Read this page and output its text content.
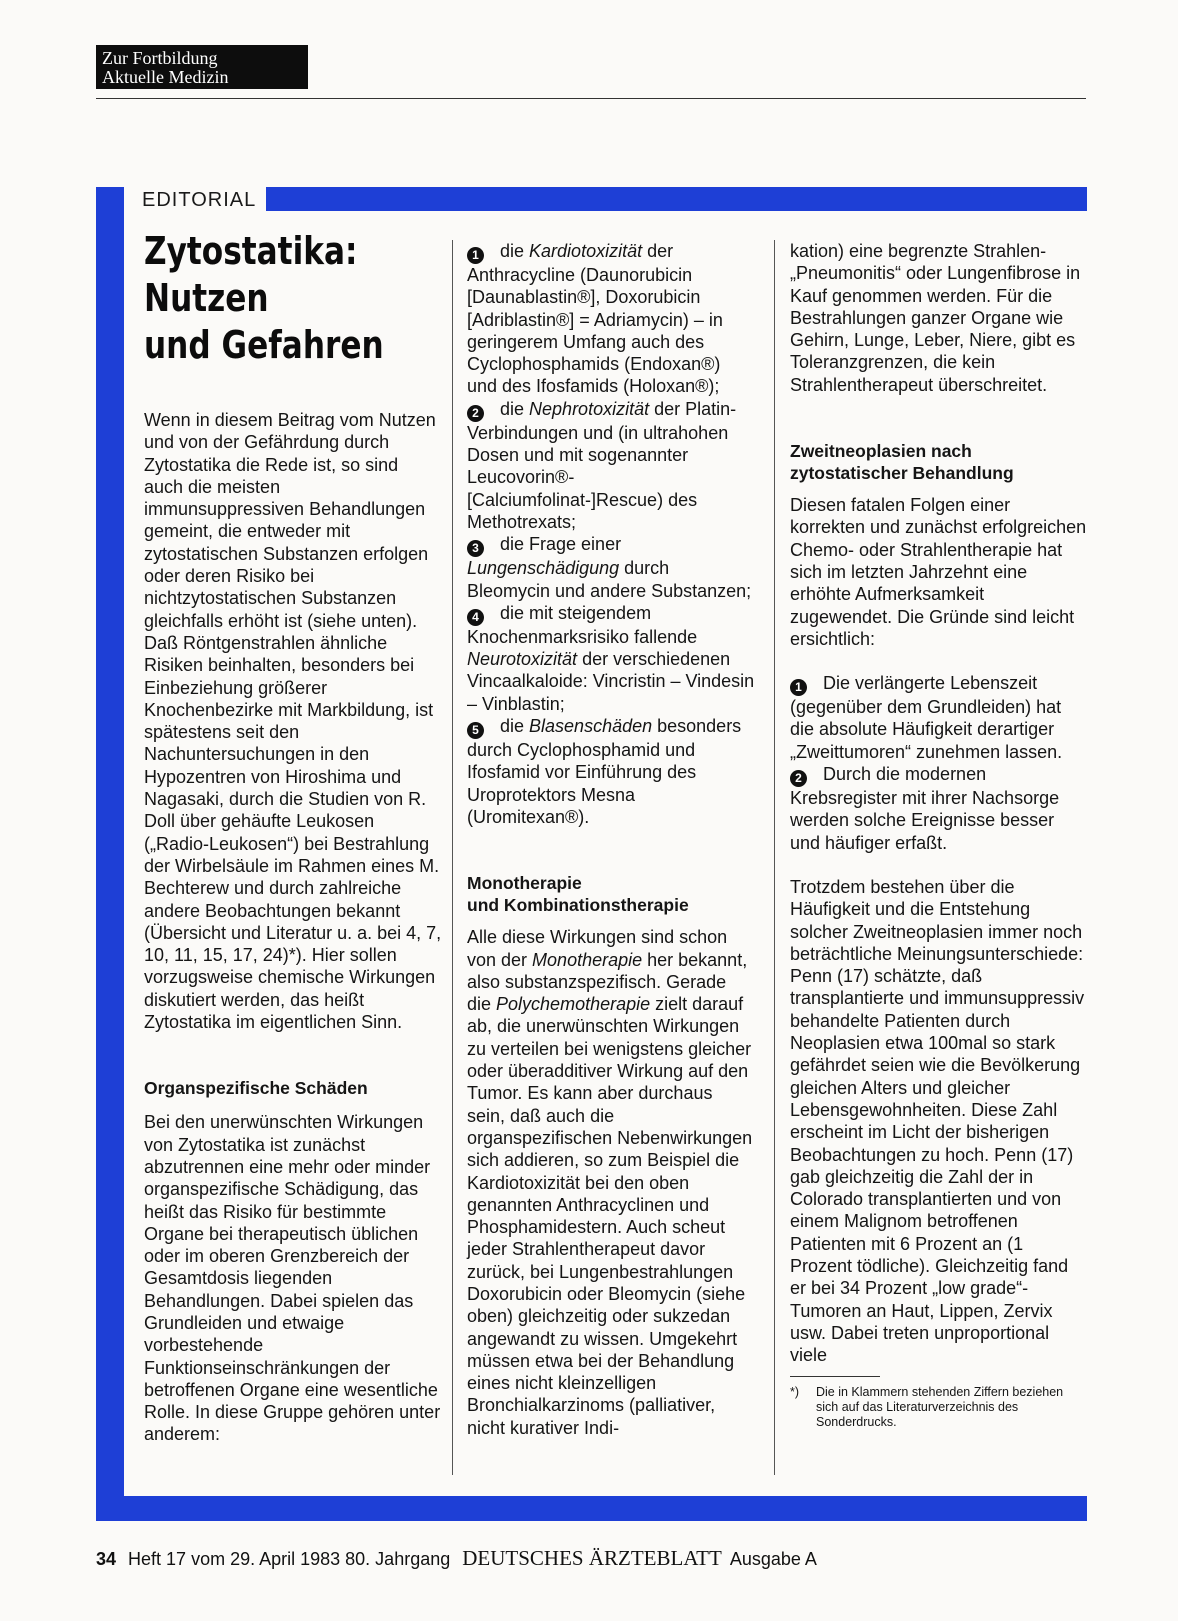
Zur Fortbildung
Aktuelle Medizin
EDITORIAL
Zytostatika:
Nutzen
und Gefahren

Wenn in diesem Beitrag vom Nutzen und von der Gefährdung durch Zytostatika die Rede ist, so sind auch die meisten immunsuppressiven Behandlungen gemeint, die entweder mit zytostatischen Substanzen erfolgen oder deren Risiko bei nichtzytostatischen Substanzen gleichfalls erhöht ist (siehe unten). Daß Röntgenstrahlen ähnliche Risiken beinhalten, besonders bei Einbeziehung größerer Knochenbezirke mit Markbildung, ist spätestens seit den Nachuntersuchungen in den Hypozentren von Hiroshima und Nagasaki, durch die Studien von R. Doll über gehäufte Leukosen („Radio-Leukosen“) bei Bestrahlung der Wirbelsäule im Rahmen eines M. Bechterew und durch zahlreiche andere Beobachtungen bekannt (Übersicht und Literatur u. a. bei 4, 7, 10, 11, 15, 17, 24)*). Hier sollen vorzugsweise chemische Wirkungen diskutiert werden, das heißt Zytostatika im eigentlichen Sinn.

Organspezifische Schäden

Bei den unerwünschten Wirkungen von Zytostatika ist zunächst abzutrennen eine mehr oder minder organspezifische Schädigung, das heißt das Risiko für bestimmte Organe bei therapeutisch üblichen oder im oberen Grenzbereich der Gesamtdosis liegenden Behandlungen. Dabei spielen das Grundleiden und etwaige vorbestehende Funktionseinschränkungen der betroffenen Organe eine wesentliche Rolle. In diese Gruppe gehören unter anderem:

1 die Kardiotoxizität der Anthracycline (Daunorubicin [Daunablastin®], Doxorubicin [Adriblastin®] = Adriamycin) – in geringerem Umfang auch des Cyclophosphamids (Endoxan®) und des Ifosfamids (Holoxan®);

2 die Nephrotoxizität der Platin-Verbindungen und (in ultrahohen Dosen und mit sogenannter Leucovorin®-[Calciumfolinat-]Rescue) des Methotrexats;

3 die Frage einer Lungenschädigung durch Bleomycin und andere Substanzen;

4 die mit steigendem Knochenmarksrisiko fallende Neurotoxizität der verschiedenen Vincaalkaloide: Vincristin – Vindesin – Vinblastin;

5 die Blasenschäden besonders durch Cyclophosphamid und Ifosfamid vor Einführung des Uroprotektors Mesna (Uromitexan®).

Monotherapie
und Kombinationstherapie

Alle diese Wirkungen sind schon von der Monotherapie her bekannt, also substanzspezifisch. Gerade die Polychemotherapie zielt darauf ab, die unerwünschten Wirkungen zu verteilen bei wenigstens gleicher oder überadditiver Wirkung auf den Tumor. Es kann aber durchaus sein, daß auch die organspezifischen Nebenwirkungen sich addieren, so zum Beispiel die Kardiotoxizität bei den oben genannten Anthracyclinen und Phosphamidestern. Auch scheut jeder Strahlentherapeut davor zurück, bei Lungenbestrahlungen Doxorubicin oder Bleomycin (siehe oben) gleichzeitig oder sukzedan angewandt zu wissen. Umgekehrt müssen etwa bei der Behandlung eines nicht kleinzelligen Bronchialkarzinoms (palliativer, nicht kurativer Indi-

kation) eine begrenzte Strahlen-„Pneumonitis“ oder Lungenfibrose in Kauf genommen werden. Für die Bestrahlungen ganzer Organe wie Gehirn, Lunge, Leber, Niere, gibt es Toleranzgrenzen, die kein Strahlentherapeut überschreitet.

Zweitneoplasien nach
zytostatischer Behandlung

Diesen fatalen Folgen einer korrekten und zunächst erfolgreichen Chemo- oder Strahlentherapie hat sich im letzten Jahrzehnt eine erhöhte Aufmerksamkeit zugewendet. Die Gründe sind leicht ersichtlich:

1 Die verlängerte Lebenszeit (gegenüber dem Grundleiden) hat die absolute Häufigkeit derartiger „Zweittumoren“ zunehmen lassen.

2 Durch die modernen Krebsregister mit ihrer Nachsorge werden solche Ereignisse besser und häufiger erfaßt.

Trotzdem bestehen über die Häufigkeit und die Entstehung solcher Zweitneoplasien immer noch beträchtliche Meinungsunterschiede: Penn (17) schätzte, daß transplantierte und immunsuppressiv behandelte Patienten durch Neoplasien etwa 100mal so stark gefährdet seien wie die Bevölkerung gleichen Alters und gleicher Lebensgewohnheiten. Diese Zahl erscheint im Licht der bisherigen Beobachtungen zu hoch. Penn (17) gab gleichzeitig die Zahl der in Colorado transplantierten und von einem Malignom betroffenen Patienten mit 6 Prozent an (1 Prozent tödliche). Gleichzeitig fand er bei 34 Prozent „low grade“-Tumoren an Haut, Lippen, Zervix usw. Dabei treten unproportional viele

*)	Die in Klammern stehenden Ziffern beziehen sich auf das Literaturverzeichnis des Sonderdrucks.
34 Heft 17 vom 29. April 1983 80. Jahrgang DEUTSCHES ÄRZTEBLATT Ausgabe A
